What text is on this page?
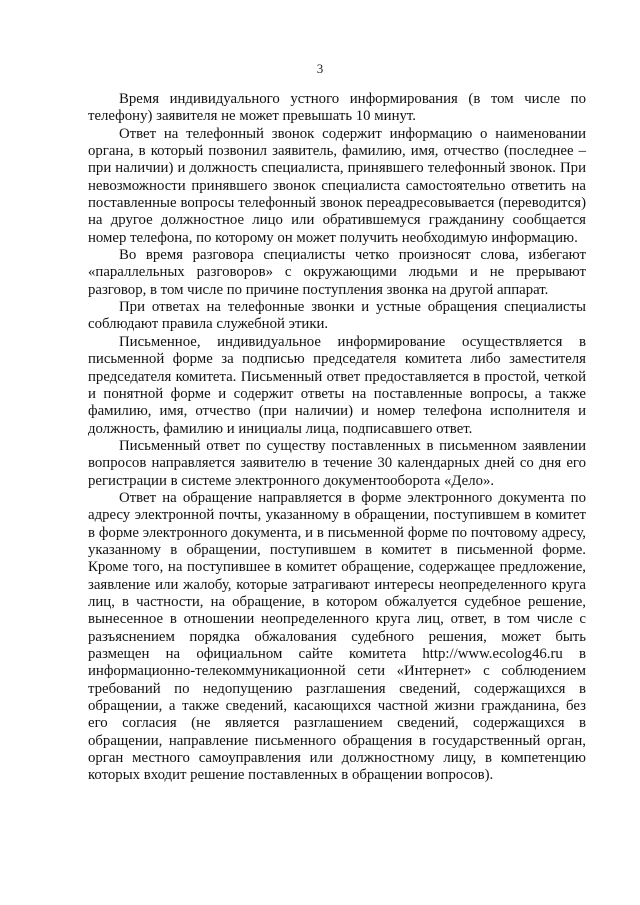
3

Время индивидуального устного информирования (в том числе по телефону) заявителя не может превышать 10 минут.

Ответ на телефонный звонок содержит информацию о наименовании органа, в который позвонил заявитель, фамилию, имя, отчество (последнее – при наличии) и должность специалиста, принявшего телефонный звонок. При невозможности принявшего звонок специалиста самостоятельно ответить на поставленные вопросы телефонный звонок переадресовывается (переводится) на другое должностное лицо или обратившемуся гражданину сообщается номер телефона, по которому он может получить необходимую информацию.

Во время разговора специалисты четко произносят слова, избегают «параллельных разговоров» с окружающими людьми и не прерывают разговор, в том числе по причине поступления звонка на другой аппарат.

При ответах на телефонные звонки и устные обращения специалисты соблюдают правила служебной этики.

Письменное, индивидуальное информирование осуществляется в письменной форме за подписью председателя комитета либо заместителя председателя комитета. Письменный ответ предоставляется в простой, четкой и понятной форме и содержит ответы на поставленные вопросы, а также фамилию, имя, отчество (при наличии) и номер телефона исполнителя и должность, фамилию и инициалы лица, подписавшего ответ.

Письменный ответ по существу поставленных в письменном заявлении вопросов направляется заявителю в течение 30 календарных дней со дня его регистрации в системе электронного документооборота «Дело».

Ответ на обращение направляется в форме электронного документа по адресу электронной почты, указанному в обращении, поступившем в комитет в форме электронного документа, и в письменной форме по почтовому адресу, указанному в обращении, поступившем в комитет в письменной форме. Кроме того, на поступившее в комитет обращение, содержащее предложение, заявление или жалобу, которые затрагивают интересы неопределенного круга лиц, в частности, на обращение, в котором обжалуется судебное решение, вынесенное в отношении неопределенного круга лиц, ответ, в том числе с разъяснением порядка обжалования судебного решения, может быть размещен на официальном сайте комитета http://www.ecolog46.ru в информационно-телекоммуникационной сети «Интернет» с соблюдением требований по недопущению разглашения сведений, содержащихся в обращении, а также сведений, касающихся частной жизни гражданина, без его согласия (не является разглашением сведений, содержащихся в обращении, направление письменного обращения в государственный орган, орган местного самоуправления или должностному лицу, в компетенцию которых входит решение поставленных в обращении вопросов).
